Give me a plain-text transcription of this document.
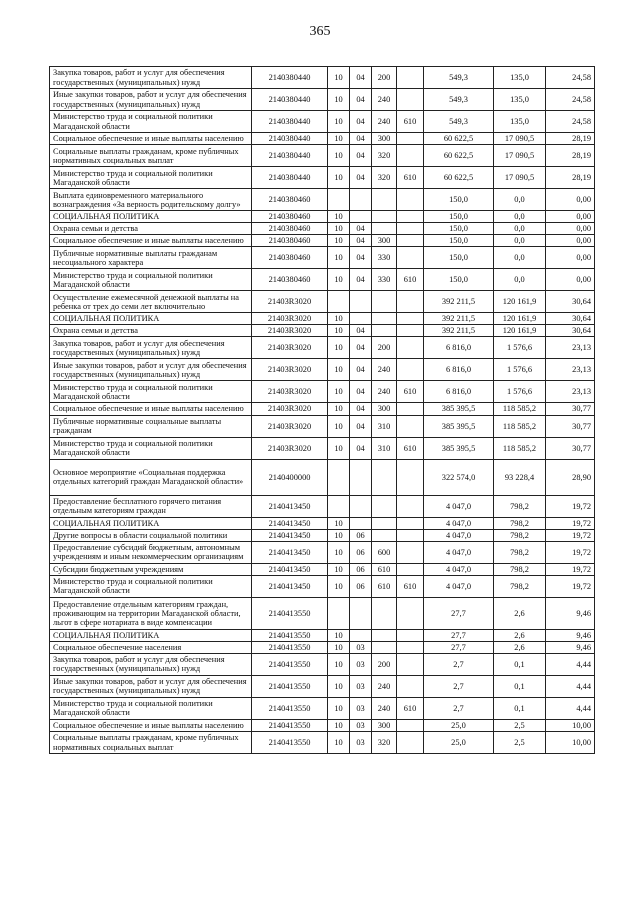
365
Закупка товаров, работ и услуг для обеспечения государственных (муниципальных) нужд	2140380440	10	04	200		549,3	135,0	24,58
Иные закупки товаров, работ и услуг для обеспечения государственных (муниципальных) нужд	2140380440	10	04	240		549,3	135,0	24,58
Министерство труда и социальной политики Магаданской области	2140380440	10	04	240	610	549,3	135,0	24,58
Социальное обеспечение и иные выплаты населению	2140380440	10	04	300		60 622,5	17 090,5	28,19
Социальные выплаты гражданам, кроме публичных нормативных социальных выплат	2140380440	10	04	320		60 622,5	17 090,5	28,19
Министерство труда и социальной политики Магаданской области	2140380440	10	04	320	610	60 622,5	17 090,5	28,19
Выплата единовременного материального вознаграждения «За верность родительскому долгу»	2140380460					150,0	0,0	0,00
СОЦИАЛЬНАЯ ПОЛИТИКА	2140380460	10				150,0	0,0	0,00
Охрана семьи и детства	2140380460	10	04			150,0	0,0	0,00
Социальное обеспечение и иные выплаты населению	2140380460	10	04	300		150,0	0,0	0,00
Публичные нормативные выплаты гражданам несоциального характера	2140380460	10	04	330		150,0	0,0	0,00
Министерство труда и социальной политики Магаданской области	2140380460	10	04	330	610	150,0	0,0	0,00
Осуществление ежемесячной денежной выплаты на ребенка от трех до семи лет включительно	21403R3020					392 211,5	120 161,9	30,64
СОЦИАЛЬНАЯ ПОЛИТИКА	21403R3020	10				392 211,5	120 161,9	30,64
Охрана семьи и детства	21403R3020	10	04			392 211,5	120 161,9	30,64
Закупка товаров, работ и услуг для обеспечения государственных (муниципальных) нужд	21403R3020	10	04	200		6 816,0	1 576,6	23,13
Иные закупки товаров, работ и услуг для обеспечения государственных (муниципальных) нужд	21403R3020	10	04	240		6 816,0	1 576,6	23,13
Министерство труда и социальной политики Магаданской области	21403R3020	10	04	240	610	6 816,0	1 576,6	23,13
Социальное обеспечение и иные выплаты населению	21403R3020	10	04	300		385 395,5	118 585,2	30,77
Публичные нормативные социальные выплаты гражданам	21403R3020	10	04	310		385 395,5	118 585,2	30,77
Министерство труда и социальной политики Магаданской области	21403R3020	10	04	310	610	385 395,5	118 585,2	30,77
Основное мероприятие «Социальная поддержка отдельных категорий граждан Магаданской области»	2140400000					322 574,0	93 228,4	28,90
Предоставление бесплатного горячего питания отдельным категориям граждан	2140413450					4 047,0	798,2	19,72
СОЦИАЛЬНАЯ ПОЛИТИКА	2140413450	10				4 047,0	798,2	19,72
Другие вопросы в области социальной политики	2140413450	10	06			4 047,0	798,2	19,72
Предоставление субсидий бюджетным, автономным учреждениям и иным некоммерческим организациям	2140413450	10	06	600		4 047,0	798,2	19,72
Субсидии бюджетным учреждениям	2140413450	10	06	610		4 047,0	798,2	19,72
Министерство труда и социальной политики Магаданской области	2140413450	10	06	610	610	4 047,0	798,2	19,72
Предоставление отдельным категориям граждан, проживающим на территории Магаданской области, льгот в сфере нотариата в виде компенсации	2140413550					27,7	2,6	9,46
СОЦИАЛЬНАЯ ПОЛИТИКА	2140413550	10				27,7	2,6	9,46
Социальное обеспечение населения	2140413550	10	03			27,7	2,6	9,46
Закупка товаров, работ и услуг для обеспечения государственных (муниципальных) нужд	2140413550	10	03	200		2,7	0,1	4,44
Иные закупки товаров, работ и услуг для обеспечения государственных (муниципальных) нужд	2140413550	10	03	240		2,7	0,1	4,44
Министерство труда и социальной политики Магаданской области	2140413550	10	03	240	610	2,7	0,1	4,44
Социальное обеспечение и иные выплаты населению	2140413550	10	03	300		25,0	2,5	10,00
Социальные выплаты гражданам, кроме публичных нормативных социальных выплат	2140413550	10	03	320		25,0	2,5	10,00
